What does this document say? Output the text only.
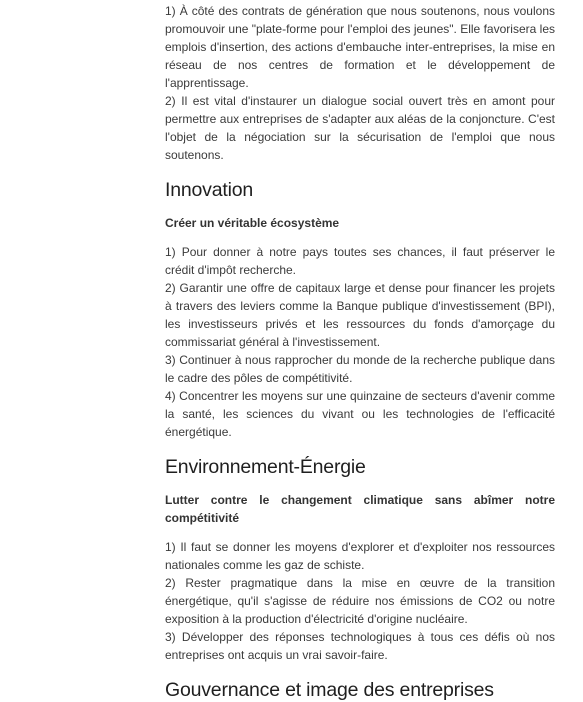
1) À côté des contrats de génération que nous soutenons, nous voulons promouvoir une "plate-forme pour l'emploi des jeunes". Elle favorisera les emplois d'insertion, des actions d'embauche inter-entreprises, la mise en réseau de nos centres de formation et le développement de l'apprentissage.

2) Il est vital d'instaurer un dialogue social ouvert très en amont pour permettre aux entreprises de s'adapter aux aléas de la conjoncture. C'est l'objet de la négociation sur la sécurisation de l'emploi que nous soutenons.

Innovation
Créer un véritable écosystème

1) Pour donner à notre pays toutes ses chances, il faut préserver le crédit d'impôt recherche.

2) Garantir une offre de capitaux large et dense pour financer les projets à travers des leviers comme la Banque publique d'investissement (BPI), les investisseurs privés et les ressources du fonds d'amorçage du commissariat général à l'investissement.

3) Continuer à nous rapprocher du monde de la recherche publique dans le cadre des pôles de compétitivité.

4) Concentrer les moyens sur une quinzaine de secteurs d'avenir comme la santé, les sciences du vivant ou les technologies de l'efficacité énergétique.

Environnement-Énergie
Lutter contre le changement climatique sans abîmer notre compétitivité

1) Il faut se donner les moyens d'explorer et d'exploiter nos ressources nationales comme les gaz de schiste.

2) Rester pragmatique dans la mise en œuvre de la transition énergétique, qu'il s'agisse de réduire nos émissions de CO2 ou notre exposition à la production d'électricité d'origine nucléaire.

3) Développer des réponses technologiques à tous ces défis où nos entreprises ont acquis un vrai savoir-faire.

Gouvernance et image des entreprises
